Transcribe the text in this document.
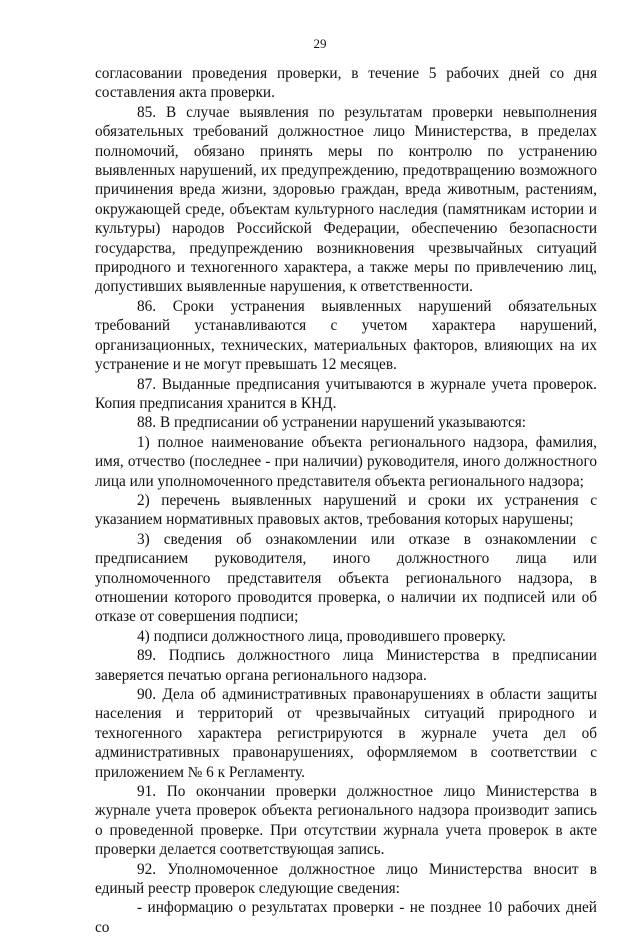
29

согласовании проведения проверки, в течение 5 рабочих дней со дня составления акта проверки.

85. В случае выявления по результатам проверки невыполнения обязательных требований должностное лицо Министерства, в пределах полномочий, обязано принять меры по контролю по устранению выявленных нарушений, их предупреждению, предотвращению возможного причинения вреда жизни, здоровью граждан, вреда животным, растениям, окружающей среде, объектам культурного наследия (памятникам истории и культуры) народов Российской Федерации, обеспечению безопасности государства, предупреждению возникновения чрезвычайных ситуаций природного и техногенного характера, а также меры по привлечению лиц, допустивших выявленные нарушения, к ответственности.

86. Сроки устранения выявленных нарушений обязательных требований устанавливаются с учетом характера нарушений, организационных, технических, материальных факторов, влияющих на их устранение и не могут превышать 12 месяцев.

87. Выданные предписания учитываются в журнале учета проверок. Копия предписания хранится в КНД.

88. В предписании об устранении нарушений указываются:

1) полное наименование объекта регионального надзора, фамилия, имя, отчество (последнее - при наличии) руководителя, иного должностного лица или уполномоченного представителя объекта регионального надзора;

2) перечень выявленных нарушений и сроки их устранения с указанием нормативных правовых актов, требования которых нарушены;

3) сведения об ознакомлении или отказе в ознакомлении с предписанием руководителя, иного должностного лица или уполномоченного представителя объекта регионального надзора, в отношении которого проводится проверка, о наличии их подписей или об отказе от совершения подписи;

4) подписи должностного лица, проводившего проверку.

89. Подпись должностного лица Министерства в предписании заверяется печатью органа регионального надзора.

90. Дела об административных правонарушениях в области защиты населения и территорий от чрезвычайных ситуаций природного и техногенного характера регистрируются в журнале учета дел об административных правонарушениях, оформляемом в соответствии с приложением № 6 к Регламенту.

91. По окончании проверки должностное лицо Министерства в журнале учета проверок объекта регионального надзора производит запись о проведенной проверке. При отсутствии журнала учета проверок в акте проверки делается соответствующая запись.

92. Уполномоченное должностное лицо Министерства вносит в единый реестр проверок следующие сведения:

- информацию о результатах проверки - не позднее 10 рабочих дней со
